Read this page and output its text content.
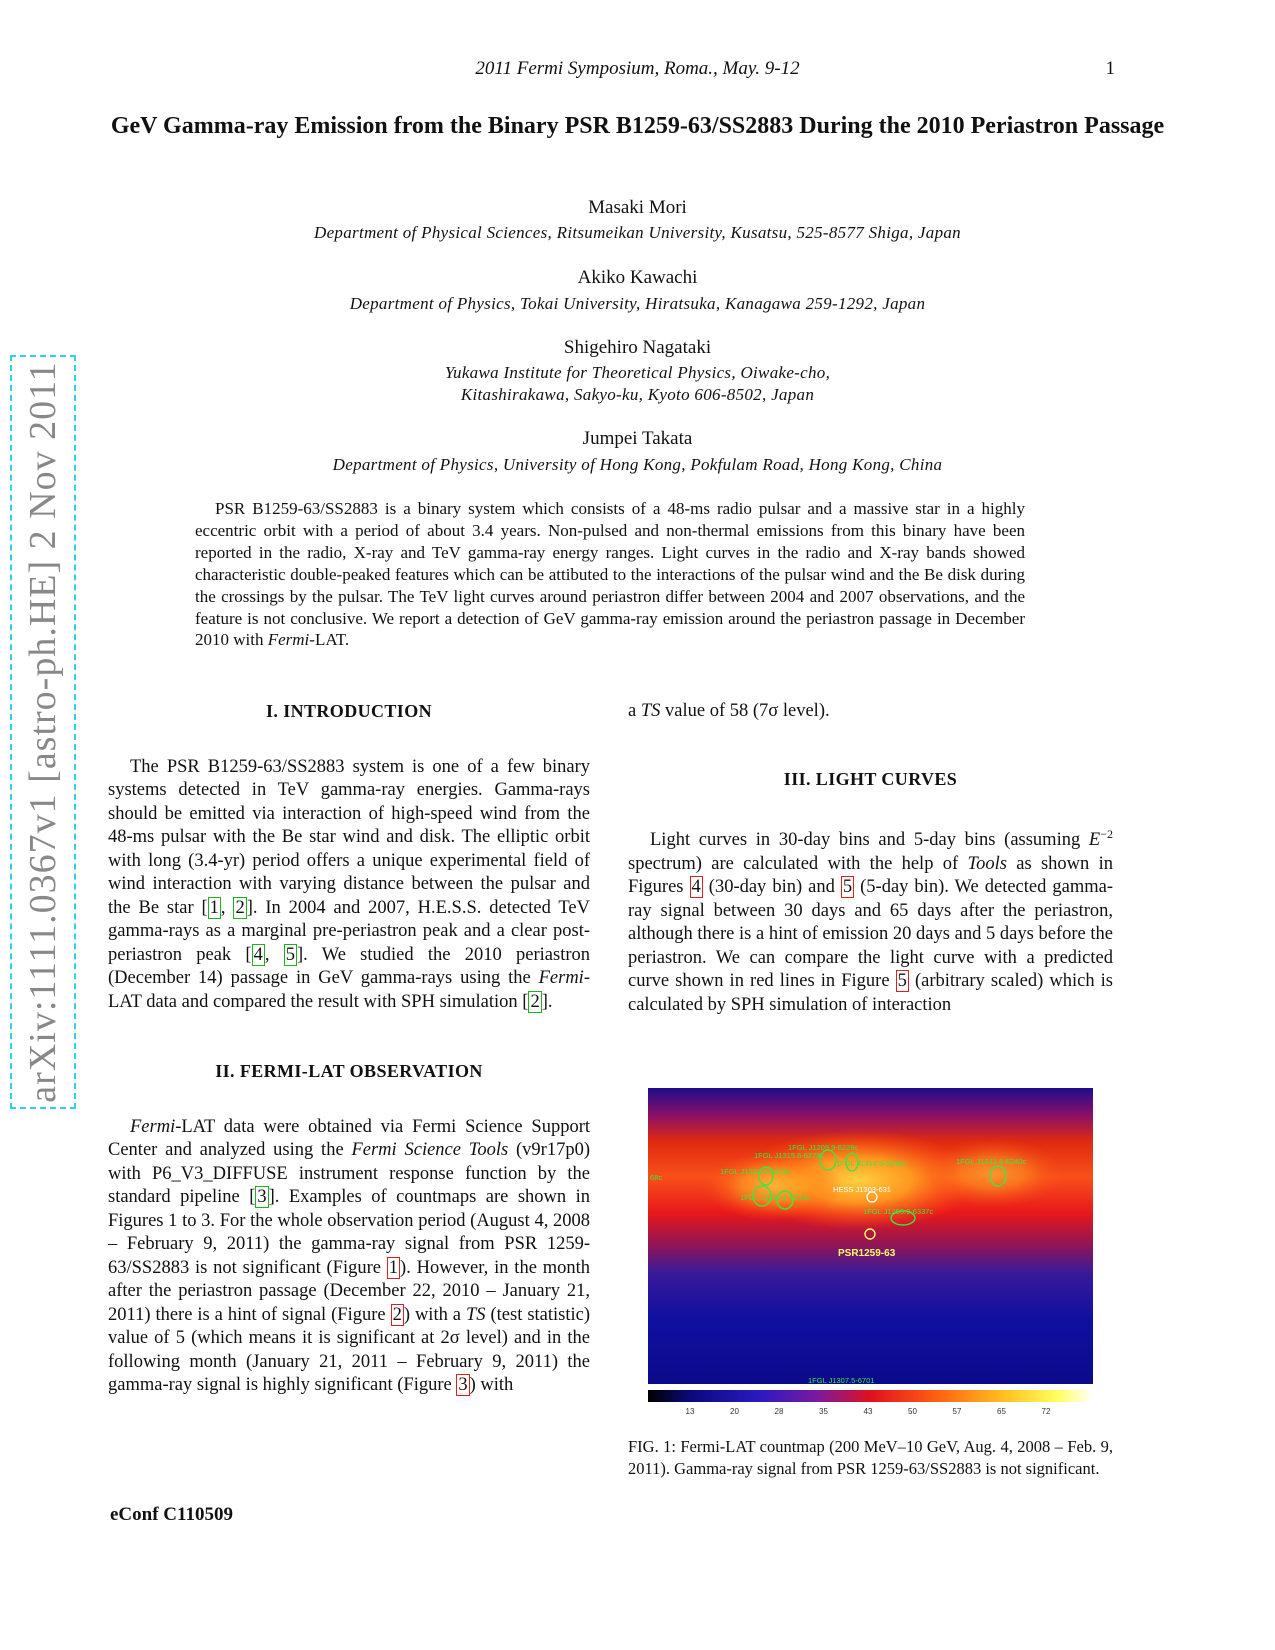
2011 Fermi Symposium, Roma., May. 9-12	1
arXiv:1111.0367v1 [astro-ph.HE] 2 Nov 2011
GeV Gamma-ray Emission from the Binary PSR B1259-63/SS2883 During the 2010 Periastron Passage
Masaki Mori
Department of Physical Sciences, Ritsumeikan University, Kusatsu, 525-8577 Shiga, Japan
Akiko Kawachi
Department of Physics, Tokai University, Hiratsuka, Kanagawa 259-1292, Japan
Shigehiro Nagataki
Yukawa Institute for Theoretical Physics, Oiwake-cho,
Kitashirakawa, Sakyo-ku, Kyoto 606-8502, Japan
Jumpei Takata
Department of Physics, University of Hong Kong, Pokfulam Road, Hong Kong, China
PSR B1259-63/SS2883 is a binary system which consists of a 48-ms radio pulsar and a massive star in a highly eccentric orbit with a period of about 3.4 years. Non-pulsed and non-thermal emissions from this binary have been reported in the radio, X-ray and TeV gamma-ray energy ranges. Light curves in the radio and X-ray bands showed characteristic double-peaked features which can be attibuted to the interactions of the pulsar wind and the Be disk during the crossings by the pulsar. The TeV light curves around periastron differ between 2004 and 2007 observations, and the feature is not conclusive. We report a detection of GeV gamma-ray emission around the periastron passage in December 2010 with Fermi-LAT.
I. INTRODUCTION
The PSR B1259-63/SS2883 system is one of a few binary systems detected in TeV gamma-ray energies. Gamma-rays should be emitted via interaction of high-speed wind from the 48-ms pulsar with the Be star wind and disk. The elliptic orbit with long (3.4-yr) period offers a unique experimental field of wind interaction with varying distance between the pulsar and the Be star [ 1 , 2 ]. In 2004 and 2007, H.E.S.S. detected TeV gamma-rays as a marginal pre-periastron peak and a clear post-periastron peak [ 4 , 5 ]. We studied the 2010 periastron (December 14) passage in GeV gamma-rays using the Fermi-LAT data and compared the result with SPH simulation [ 2 ].
II. FERMI-LAT OBSERVATION
Fermi-LAT data were obtained via Fermi Science Support Center and analyzed using the Fermi Science Tools (v9r17p0) with P6_V3_DIFFUSE instrument response function by the standard pipeline [ 3 ]. Examples of countmaps are shown in Figures 1 to 3. For the whole observation period (August 4, 2008 – February 9, 2011) the gamma-ray signal from PSR 1259-63/SS2883 is not significant (Figure 1 ). However, in the month after the periastron passage (December 22, 2010 – January 21, 2011) there is a hint of signal (Figure 2 ) with a TS (test statistic) value of 5 (which means it is significant at 2σ level) and in the following month (January 21, 2011 – February 9, 2011) the gamma-ray signal is highly significant (Figure 3 ) with
a TS value of 58 (7σ level).
III. LIGHT CURVES
Light curves in 30-day bins and 5-day bins (assuming $E^{-2}$ spectrum) are calculated with the help of Tools as shown in Figures 4 (30-day bin) and 5 (5-day bin). We detected gamma-ray signal between 30 days and 65 days after the periastron, although there is a hint of emission 20 days and 5 days before the periastron. We can compare the light curve with a predicted curve shown in red lines in Figure 5 (arbitrary scaled) which is calculated by SPH simulation of interaction
1FGL J1209.9-6229c
1FGL J1315.6-6278c
1FGL J1320.6-6323c
1FGL J1314.6-6245c	1FGL J1241.6-6240c
1FGL J1332.1-6213c
1FGL J1250.9-6337c
68c
1FGL J1307.5-6701
HESS J1303-631
PSR1259-63
13	20	28	35	43	50	57	65	72
FIG. 1: Fermi-LAT countmap (200 MeV–10 GeV, Aug. 4, 2008 – Feb. 9, 2011). Gamma-ray signal from PSR 1259-63/SS2883 is not significant.
eConf C110509
